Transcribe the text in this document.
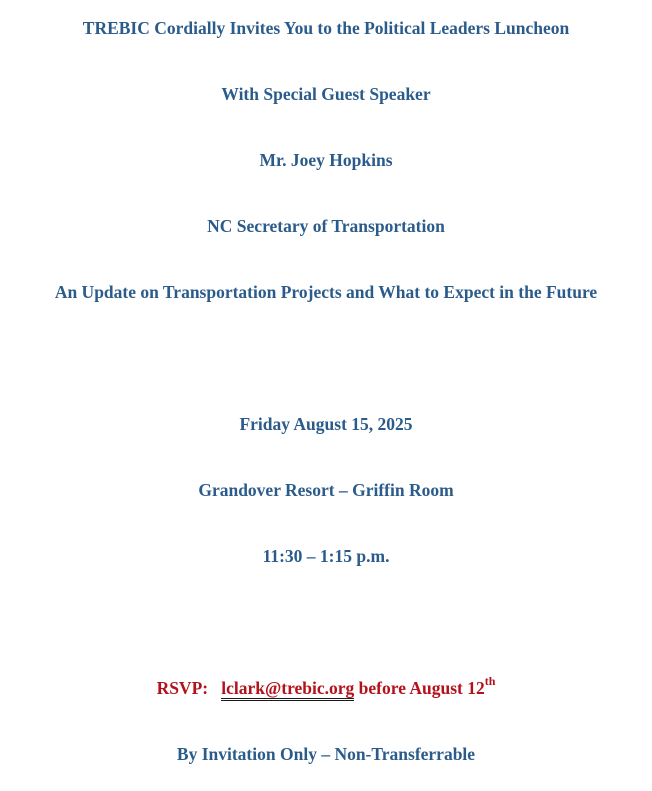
TREBIC Cordially Invites You to the Political Leaders Luncheon
With Special Guest Speaker
Mr. Joey Hopkins
NC Secretary of Transportation
An Update on Transportation Projects and What to Expect in the Future
Friday August 15, 2025
Grandover Resort – Griffin Room
11:30 – 1:15 p.m.
RSVP: lclark@trebic.org before August 12th
By Invitation Only – Non-Transferrable
